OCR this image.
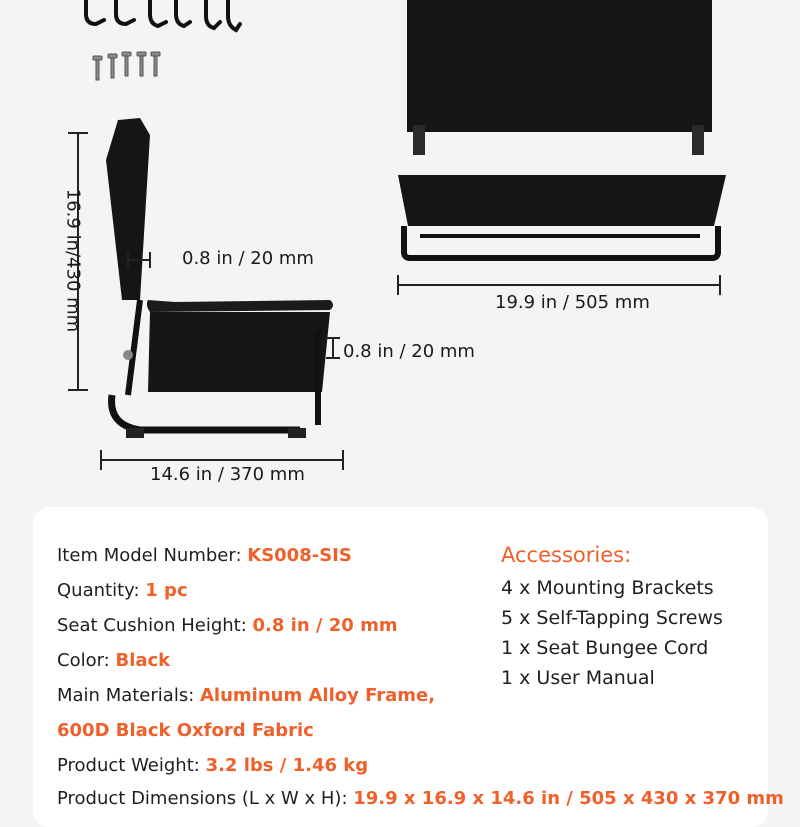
16.9 in/430 mm	0.8 in / 20 mm
0.8 in / 20 mm
14.6 in / 370 mm
19.9 in / 505 mm
Item Model Number: KS008-SIS
Quantity: 1 pc
Seat Cushion Height: 0.8 in / 20 mm
Color: Black
Main Materials: Aluminum Alloy Frame,
600D Black Oxford Fabric
Product Weight: 3.2 lbs / 1.46 kg
Product Dimensions (L x W x H): 19.9 x 16.9 x 14.6 in / 505 x 430 x 370 mm
Accessories:
4 x Mounting Brackets
5 x Self-Tapping Screws
1 x Seat Bungee Cord
1 x User Manual
